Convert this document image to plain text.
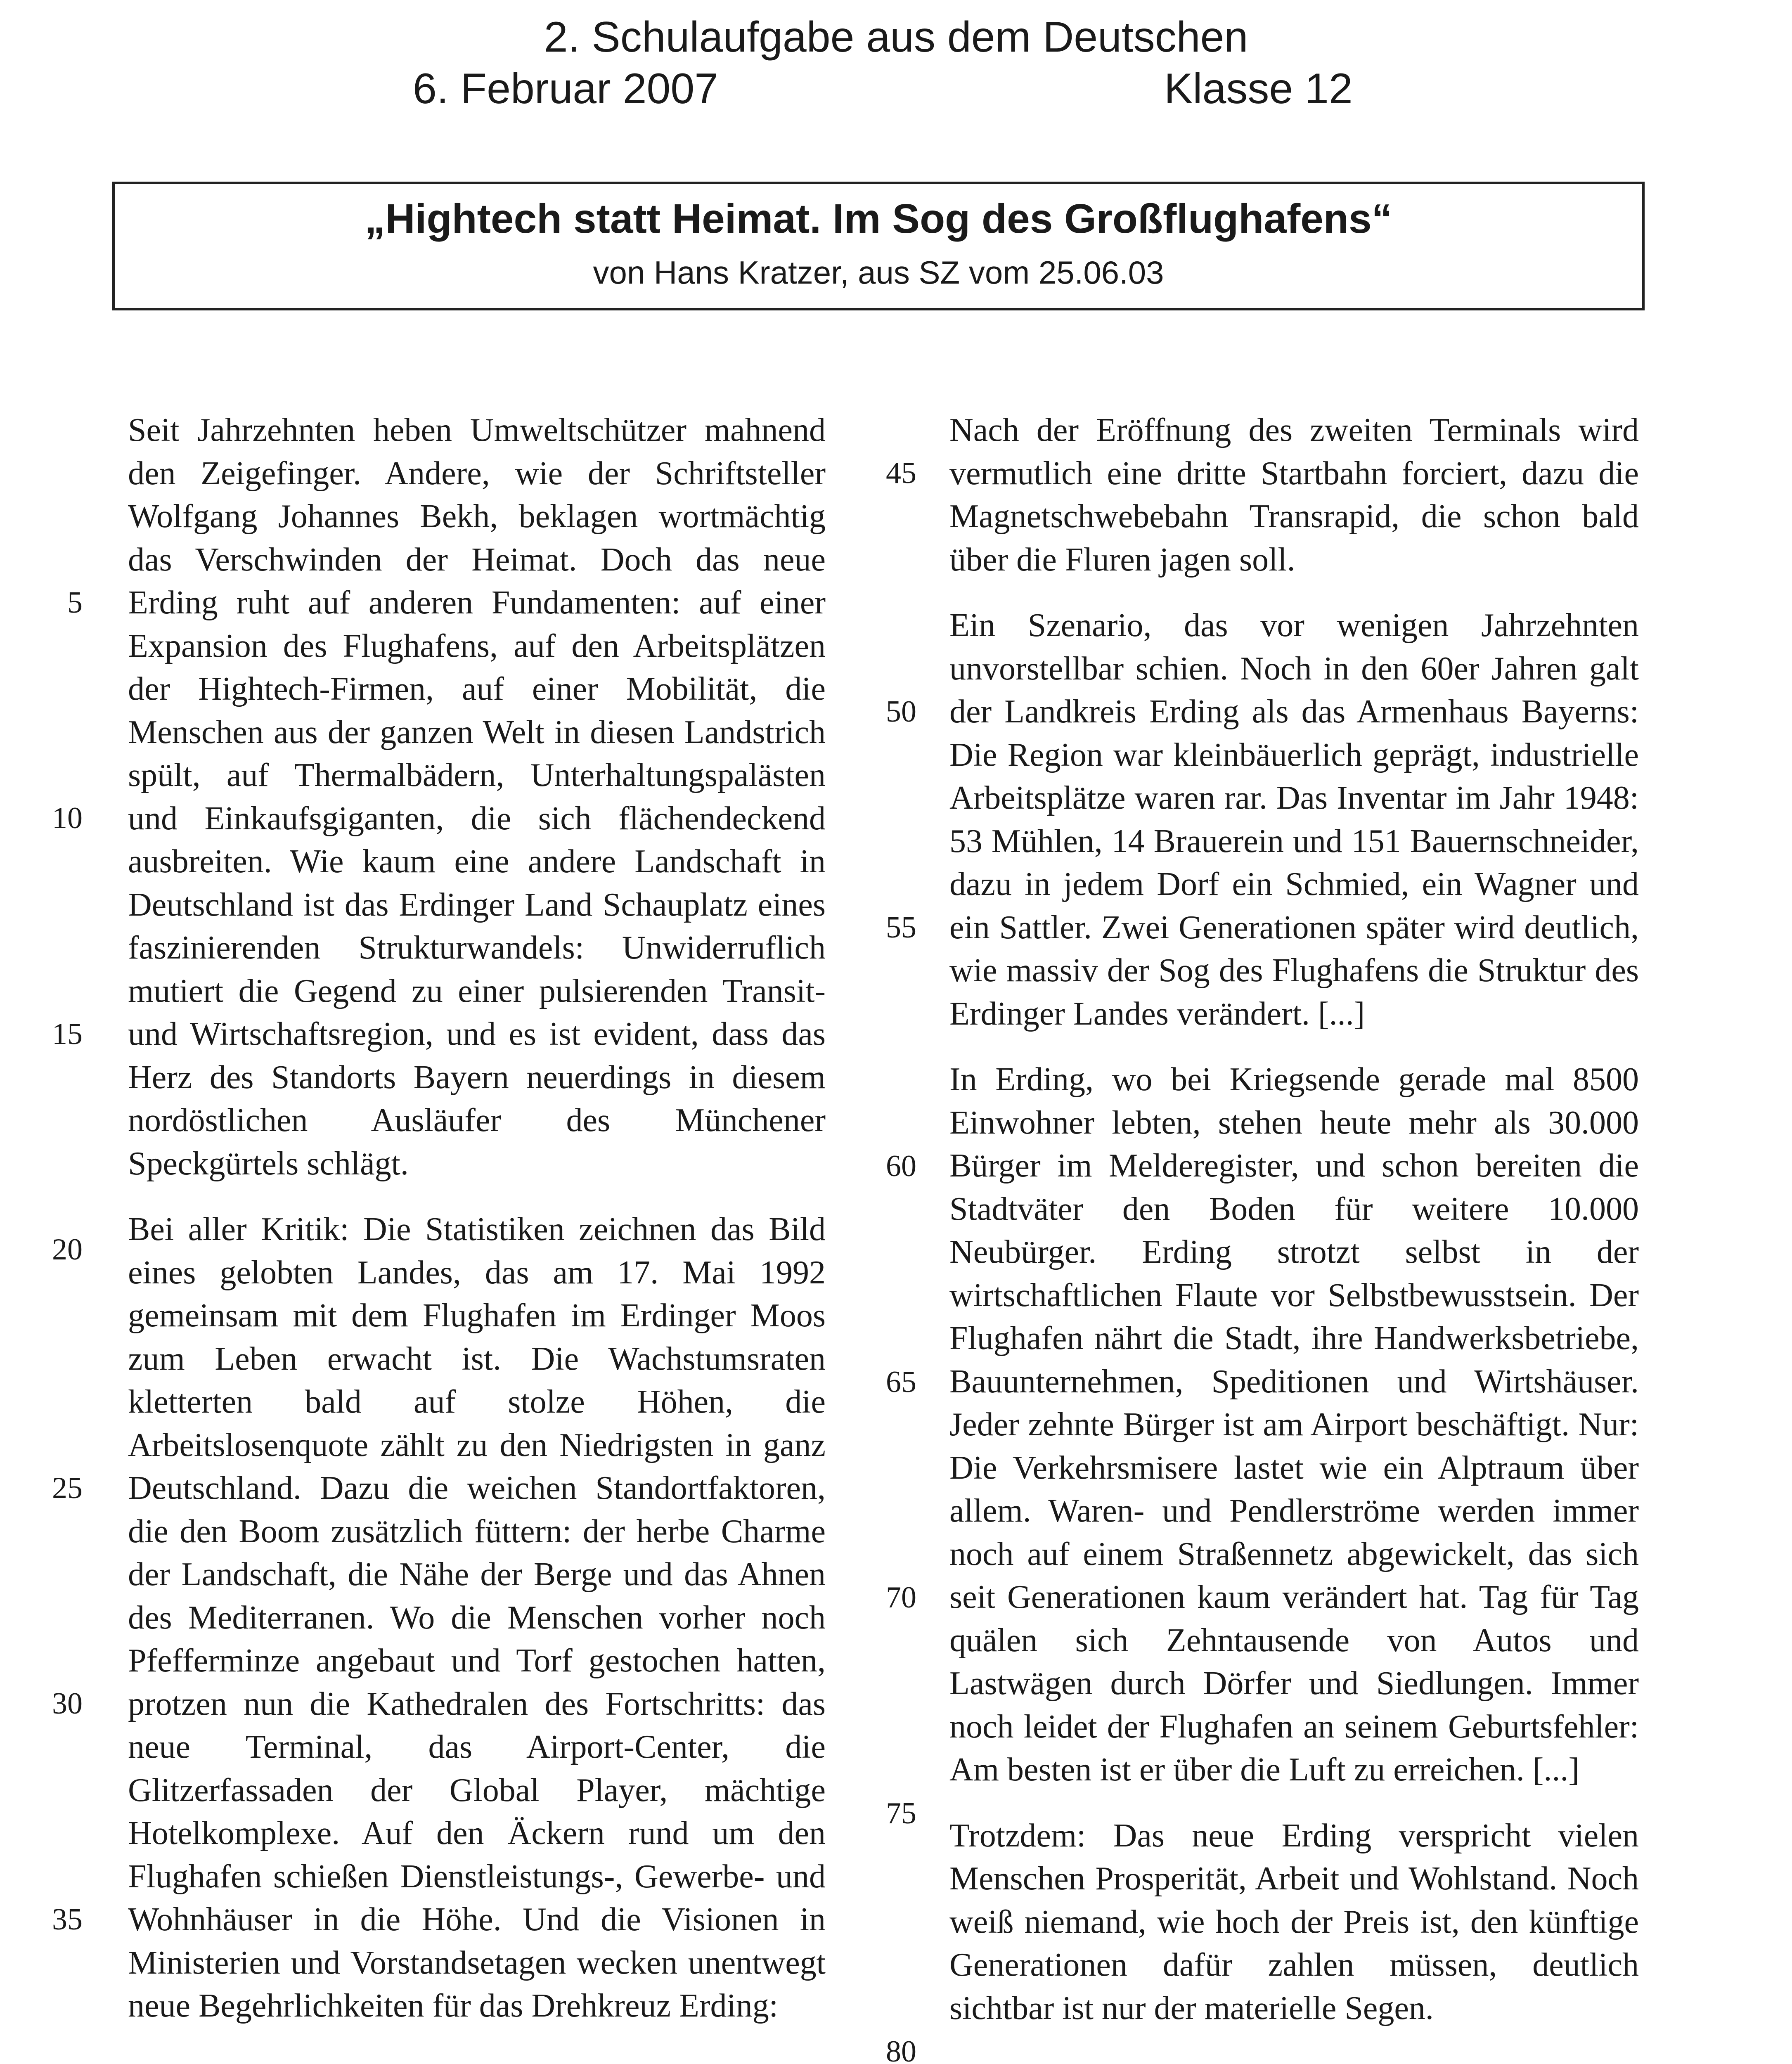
2. Schulaufgabe aus dem Deutschen
6. Februar 2007	Klasse 12
„Hightech statt Heimat. Im Sog des Großflughafens“
von Hans Kratzer, aus SZ vom 25.06.03
5
10
15
20
25
30
35
45
50
55
60
65
70
75
80

Seit Jahrzehnten heben Umweltschützer mahnend den Zeigefinger. Andere, wie der Schriftsteller Wolfgang Johannes Bekh, beklagen wortmächtig das Verschwinden der Heimat. Doch das neue Erding ruht auf anderen Fundamenten: auf einer Expansion des Flughafens, auf den Arbeitsplätzen der Hightech-Firmen, auf einer Mobilität, die Menschen aus der ganzen Welt in diesen Landstrich spült, auf Thermalbädern, Unterhaltungspalästen und Einkaufsgiganten, die sich flächendeckend ausbreiten. Wie kaum eine andere Landschaft in Deutschland ist das Erdinger Land Schauplatz eines faszinierenden Strukturwandels: Unwiderruflich mutiert die Gegend zu einer pulsierenden Transit- und Wirtschaftsregion, und es ist evident, dass das Herz des Standorts Bayern neuerdings in diesem nordöstlichen Ausläufer des Münchener Speckgürtels schlägt.

Bei aller Kritik: Die Statistiken zeichnen das Bild eines gelobten Landes, das am 17. Mai 1992 gemeinsam mit dem Flughafen im Erdinger Moos zum Leben erwacht ist. Die Wachstumsraten kletterten bald auf stolze Höhen, die Arbeitslosenquote zählt zu den Niedrigsten in ganz Deutschland. Dazu die weichen Standortfaktoren, die den Boom zusätzlich füttern: der herbe Charme der Landschaft, die Nähe der Berge und das Ahnen des Mediterranen. Wo die Menschen vorher noch Pfefferminze angebaut und Torf gestochen hatten, protzen nun die Kathedralen des Fortschritts: das neue Terminal, das Airport-Center, die Glitzerfassaden der Global Player, mächtige Hotelkomplexe. Auf den Äckern rund um den Flughafen schießen Dienstleistungs-, Gewerbe- und Wohnhäuser in die Höhe. Und die Visionen in Ministerien und Vorstandsetagen wecken unentwegt neue Begehrlichkeiten für das Drehkreuz Erding:

Nach der Eröffnung des zweiten Terminals wird vermutlich eine dritte Startbahn forciert, dazu die Magnetschwebebahn Transrapid, die schon bald über die Fluren jagen soll.

Ein Szenario, das vor wenigen Jahrzehnten unvorstellbar schien. Noch in den 60er Jahren galt der Landkreis Erding als das Armenhaus Bayerns: Die Region war kleinbäuerlich geprägt, industrielle Arbeitsplätze waren rar. Das Inventar im Jahr 1948: 53 Mühlen, 14 Brauerein und 151 Bauernschneider, dazu in jedem Dorf ein Schmied, ein Wagner und ein Sattler. Zwei Generationen später wird deutlich, wie massiv der Sog des Flughafens die Struktur des Erdinger Landes verändert. [...]

In Erding, wo bei Kriegsende gerade mal 8500 Einwohner lebten, stehen heute mehr als 30.000 Bürger im Melderegister, und schon bereiten die Stadtväter den Boden für weitere 10.000 Neubürger. Erding strotzt selbst in der wirtschaftlichen Flaute vor Selbstbewusstsein. Der Flughafen nährt die Stadt, ihre Handwerksbetriebe, Bauunternehmen, Speditionen und Wirtshäuser. Jeder zehnte Bürger ist am Airport beschäftigt. Nur: Die Verkehrsmisere lastet wie ein Alptraum über allem. Waren- und Pendlerströme werden immer noch auf einem Straßennetz abgewickelt, das sich seit Generationen kaum verändert hat. Tag für Tag quälen sich Zehntausende von Autos und Lastwägen durch Dörfer und Siedlungen. Immer noch leidet der Flughafen an seinem Geburtsfehler: Am besten ist er über die Luft zu erreichen. [...]

Trotzdem: Das neue Erding verspricht vielen Menschen Prosperität, Arbeit und Wohlstand. Noch weiß niemand, wie hoch der Preis ist, den künftige Generationen dafür zahlen müssen, deutlich sichtbar ist nur der materielle Segen.
